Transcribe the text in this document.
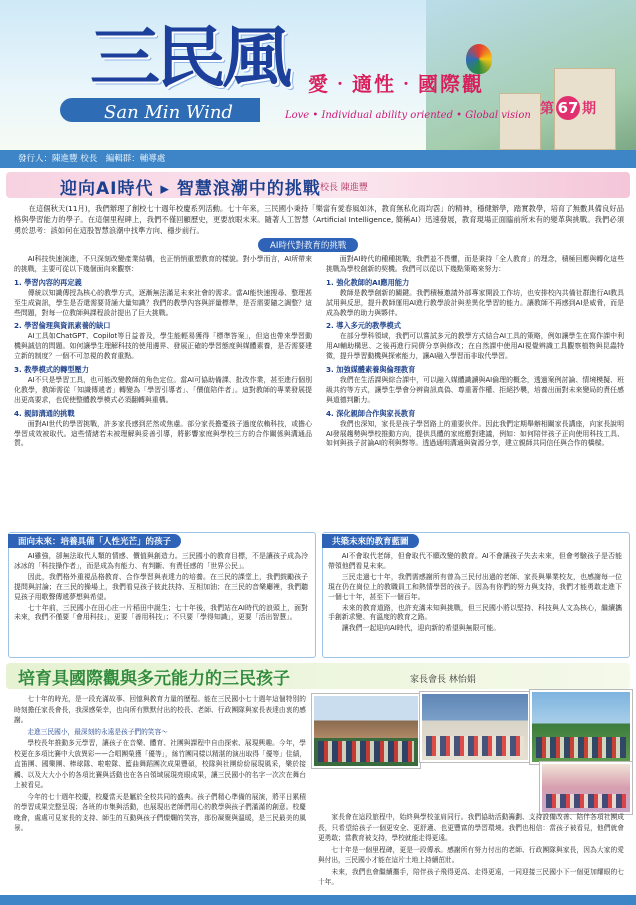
三民風
San Min Wind
愛‧適性‧國際觀
Love • Individual ability oriented • Global vision 第 67 期
發行人：陳進豐 校長　編輯群：輔導處
迎向AI時代 ▸ 智慧浪潮中的挑戰 校長 陳進豐
在這個秋天(11月)，我們辦理了創校七十週年校慶系列活動。七十年來，三民國小秉持「樂當有愛春風如沐，教育無私化雨均霑」的精神，穩健辦學，踏實教學，培育了無數具備良好品格與學習能力的學子。在這個里程碑上，我們不僅回顧歷史，更要放眼未來。隨著人工智慧（Artificial Intelligence, 簡稱AI）迅速發展，教育現場正面臨前所未有的變革與挑戰。我們必須勇於思考：該如何在這股智慧浪潮中找準方向、穩步前行。
AI時代對教育的挑戰

AI科技快速演進，不只深刻改變產業結構，也正悄悄重塑教育的樣貌。對小學而言，AI所帶來的挑戰，主要可從以下幾個面向來觀察：

1. 學習內容的再定義

傳統以知識傳授為核心的教學方式，逐漸無法滿足未來社會的需求。當AI能快速搜尋、整理甚至生成資訊，學生是否還需要背誦大量知識？我們的教學內容與評量標準，是否需要隨之調整？這些問題，對每一位教師與課程設計提出了巨大挑戰。

2. 學習倫理與資訊素養的缺口

AI工具如ChatGPT、Copilot等日益普及，學生能輕易獲得「標準答案」，但這也帶來學習動機與誠信的問題。如何讓學生理解科技的使用邊界、發展正確的學習態度與媒體素養，是否需要建立新的制度？一個不可忽視的教育重點。

3. 教學模式的轉型壓力

AI不只是學習工具，也可能改變教師的角色定位。當AI可協助備課、批改作業，甚至進行個別化教學，教師需從「知識傳遞者」轉變為「學習引導者」、「價值陪伴者」。這對教師的專業發展提出更高要求，也促使整體教學模式必須翻轉與重構。

4. 親師溝通的挑戰

面對AI世代的學習挑戰，許多家長感到茫然或焦慮。部分家長擔憂孩子過度依賴科技，或擔心學習成效被取代。這些情緒若未被理解與妥善引導，將影響家庭與學校三方的合作關係與溝通品質。

面對AI時代的種種挑戰，我們並不畏懼，而是秉持「全人教育」的理念，積極回應與轉化這些挑戰為學校創新的契機。我們可以從以下幾點策略來努力：

1. 強化教師的AI應用能力

教師是教學創新的關鍵。我們積極邀請外部專家開設工作坊，也安排校內共備社群進行AI教具試用與反思，提升教師運用AI進行教學設計與差異化學習的能力。讓教師不再感到AI是威脅，而是成為教學的助力與夥伴。

2. 導入多元的教學模式

在部分學科領域，我們可以嘗試多元的教學方式結合AI工具的策略，例如讓學生在寫作課中利用AI輔助構思、之後再進行同儕分享與修改；在自然課中使用AI視覺辨識工具觀察植物與昆蟲特徵，提升學習動機與探索能力，讓AI融入學習而非取代學習。

3. 加強媒體素養與倫理教育

我們在生活課與綜合課中，可以融入媒體識讀與AI倫理的概念，透過案例討論、情境模擬、班級共約等方式，讓學生學會分辨資訊真偽、尊重著作權、拒絕抄襲，培養出面對未來變局的責任感與道德判斷力。

4. 深化親師合作與家長教育

我們也深知，家長是孩子學習路上的重要伙伴。因此我們定期舉辦相關家長講座，向家長說明AI發展趨勢與學校推動方向，提供具體的家庭應對建議，例如：如何陪伴孩子正向使用科技工具、如何與孩子討論AI的利與弊等。透過通明溝通與資源分享，建立親師共同信任與合作的橋樑。

面向未來：培養具備「人性光芒」的孩子

AI雖強，卻無法取代人類的情感、價值與創造力。三民國小的教育目標，不是讓孩子成為冷冰冰的「科技操作者」，而是成為有能力、有判斷、有責任感的「世界公民」。

因此，我們格外重視品格教育、合作學習與表達力的培養。在三民的課堂上，我們鼓勵孩子提問與討論；在三民的操場上，我們看見孩子彼此扶持、互相加油；在三民的音樂廳裡，我們聽見孩子用歌聲傳遞夢想與希望。

七十年前，三民國小在田心庄一片稻田中誕生；七十年後，我們站在AI時代的浪頭上，面對未來，我們不僅要「會用科技」，更要「善用科技」；不只要「學得知識」，更要「活出智慧」。

共築未來的教育藍圖

AI不會取代老師，但會取代不願改變的教育。AI不會讓孩子失去未來，但會考驗孩子是否能帶領他們看見未來。

三民走過七十年，我們需感謝所有曾為三民付出過的老師、家長與畢業校友，也感謝每一位現在仍在崗位上的教職員工和熱情學習的孩子。因為有你們的努力與支持，我們才能勇敢走進下一個七十年，甚至下一個百年。

未來的教育道路，也許充滿未知與挑戰，但三民國小將以堅持、科技與人文為核心，繼續攜手創新求變、有溫度的教育之路。

讓我們一起迎向AI時代，迎向新的希望與無限可能。

培育具國際觀與多元能力的三民孩子	家長會長 林怡娟

七十年的時光，是一段充滿故事、回憶與教育力量的歷程。能在三民國小七十週年這個特別的時刻擔任家長會長，我深感榮幸，也向所有默默付出的校長、老師、行政團隊與家長表達由衷的感謝。

走進三民國小，最深刻的永遠是孩子們的笑容～

學校長年推動多元學習，讓孩子在音樂、體育、社團與課程中自由探索、展現興趣。今年，學校更在多項比賽中大放異彩——合唱團榮獲「優等」，絲竹團同樣以精湛的演出取得「優等」佳績，直笛團、國樂團、棒球隊、啦啦隊、籃曲舞蹈團次成果豐碩，校隊與社團紛紛展現風采，樂於接觸、以及大大小小的各項比賽與活動也在各自領域展現亮眼成果，讓三民國小的名字一次次在舞台上被看見。

今年的七十週年校慶，校慶當天是屬於全校共同的盛典。孩子們精心準備的展演，將平日累積的學習成果完整呈現；各班的市集與活動，也展現出老師們用心的教學與孩子們滿滿的創意。校慶晚會，處處可見家長的支持、師生的互動與孩子們燦爛的笑容，那份凝聚與溫暖，是三民最美的風景。

家長會在這段旅程中，始終與學校並肩同行。我們協助活動籌劃、支持設備改善、陪伴各項社團成長，只希望給孩子一個更安全、更舒適、也更豐富的學習環境。我們也相信：當孩子被看見，他們就會更勇敢；當教育被支持，學校就能走得更遠。

七十年是一個里程碑，更是一段傳承。感謝所有努力付出的老師、行政團隊與家長，因為大家的愛與付出，三民國小才能在這片土地上持續茁壯。

未來，我們也會繼續攜手，陪伴孩子飛得更高、走得更遠，一同迎接三民國小下一個更加耀眼的七十年。
